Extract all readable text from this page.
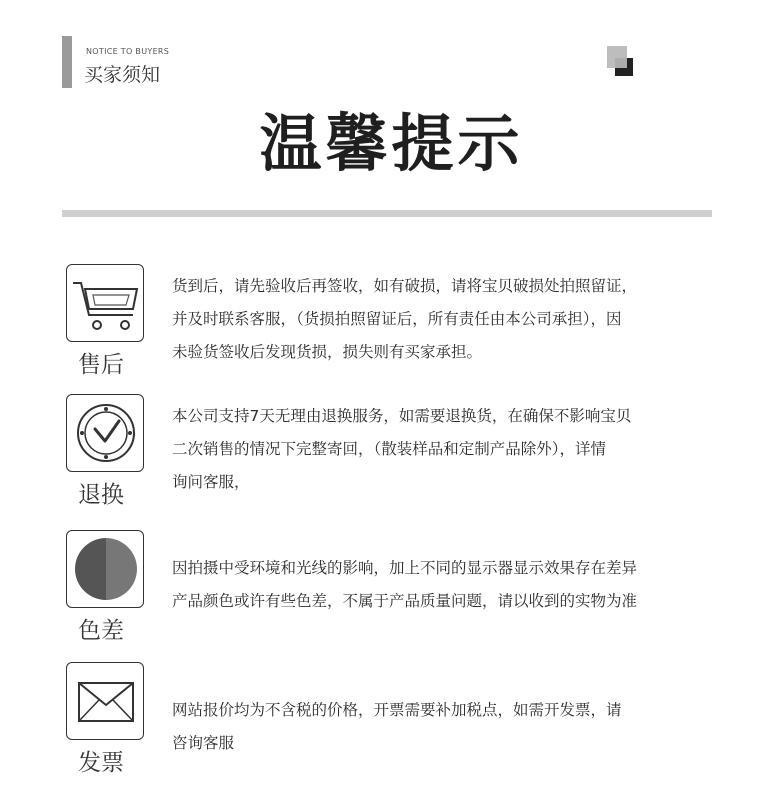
NOTICE TO BUYERS
买家须知
温馨提示
售后
货到后，请先验收后再签收，如有破损，请将宝贝破损处拍照留证，
并及时联系客服，（货损拍照留证后，所有责任由本公司承担），因
未验货签收后发现货损，损失则有买家承担。
退换
本公司支持7天无理由退换服务，如需要退换货，在确保不影响宝贝
二次销售的情况下完整寄回，（散装样品和定制产品除外），详情
询问客服，
色差
因拍摄中受环境和光线的影响，加上不同的显示器显示效果存在差异
产品颜色或许有些色差，不属于产品质量问题，请以收到的实物为准
发票
网站报价均为不含税的价格，开票需要补加税点，如需开发票，请
咨询客服
